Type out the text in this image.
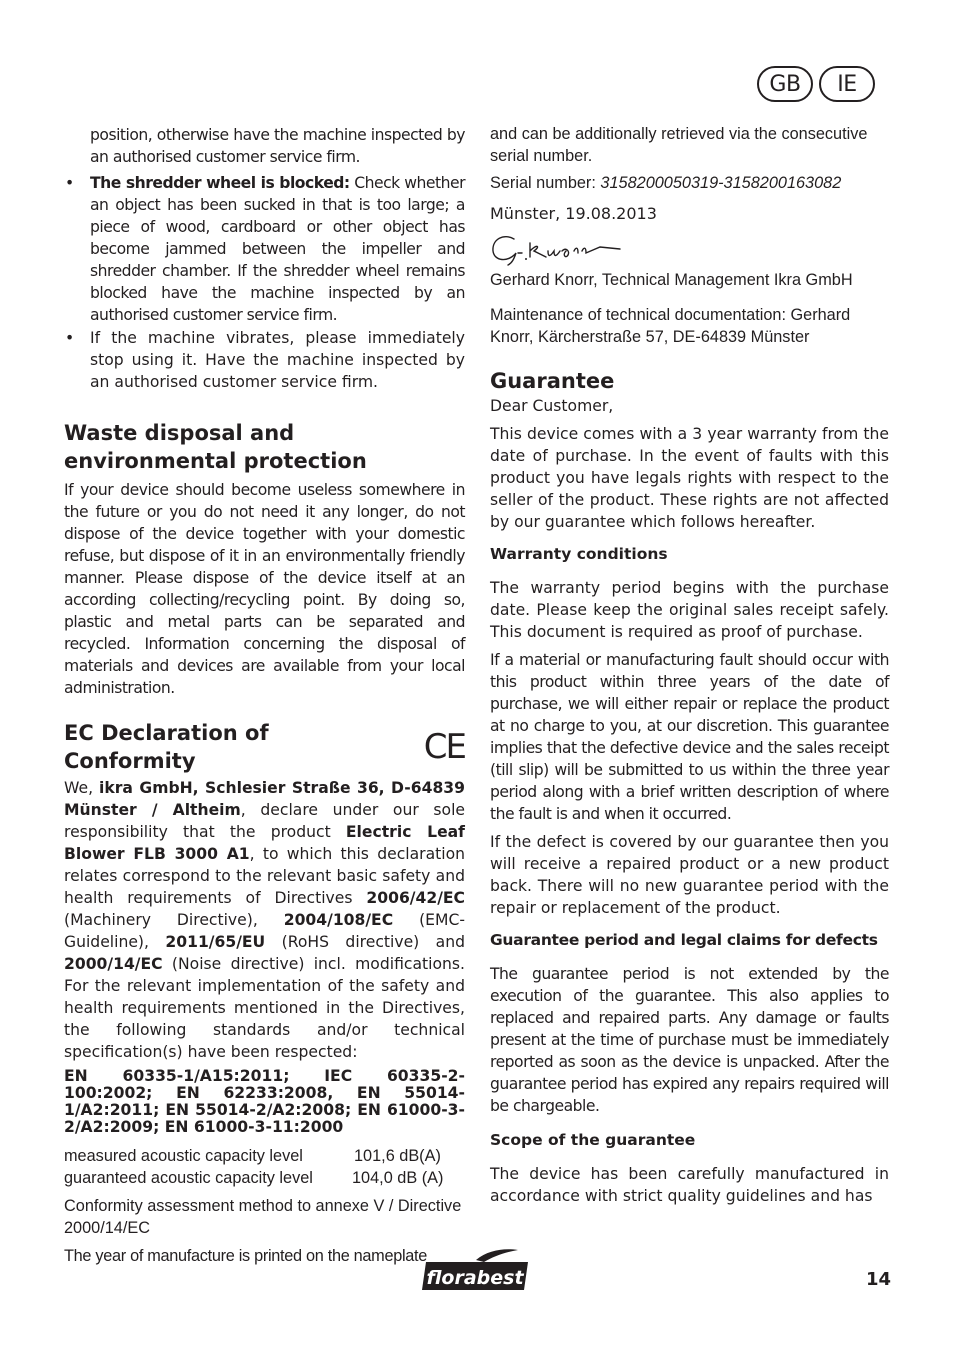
GB	IE

position, otherwise have the machine inspected by an authorised customer service firm.

• The shredder wheel is blocked: Check whether an object has been sucked in that is too large; a piece of wood, cardboard or other object has become jammed between the impeller and shredder chamber. If the shredder wheel remains blocked have the machine inspected by an authorised customer service firm.
• If the machine vibrates, please immediately stop using it. Have the machine inspected by an authorised customer service firm.
Waste disposal and environmental protection

If your device should become useless somewhere in the future or you do not need it any longer, do not dispose of the device together with your domestic refuse, but dispose of it in an environmentally friendly manner. Please dispose of the device itself at an according collecting/recycling point. By doing so, plastic and metal parts can be separated and recycled. Information concerning the disposal of materials and devices are available from your local administration.

EC Declaration of Conformity	CE

We, ikra GmbH, Schlesier Straße 36, D-64839 Münster / Altheim, declare under our sole responsibility that the product Electric Leaf Blower FLB 3000 A1, to which this declaration relates correspond to the relevant basic safety and health requirements of Directives 2006/42/EC (Machinery Directive), 2004/108/EC (EMC-Guideline), 2011/65/EU (RoHS directive) and 2000/14/EC (Noise directive) incl. modifications. For the relevant implementation of the safety and health requirements mentioned in the Directives, the following standards and/or technical specification(s) have been respected:

EN 60335-1/A15:2011; IEC 60335-2-100:2002; EN 62233:2008, EN 55014-1/A2:2011; EN 55014-2/A2:2008; EN 61000-3-2/A2:2009; EN 61000-3-11:2000

measured acoustic capacity level	101,6 dB(A)
guaranteed acoustic capacity level 104,0 dB (A)

Conformity assessment method to annexe V / Directive 2000/14/EC

The year of manufacture is printed on the nameplate

and can be additionally retrieved via the consecutive serial number.

Serial number: 3158200050319-3158200163082

Münster, 19.08.2013

Gerhard Knorr, Technical Management Ikra GmbH

Maintenance of technical documentation: Gerhard Knorr, Kärcherstraße 57, DE-64839 Münster

Guarantee

Dear Customer,

This device comes with a 3 year warranty from the date of purchase. In the event of faults with this product you have legals rights with respect to the seller of the product. These rights are not affected by our guarantee which follows hereafter.

Warranty conditions

The warranty period begins with the purchase date. Please keep the original sales receipt safely. This document is required as proof of purchase.

If a material or manufacturing fault should occur with this product within three years of the date of purchase, we will either repair or replace the product at no charge to you, at our discretion. This guarantee implies that the defective device and the sales receipt (till slip) will be submitted to us within the three year period along with a brief written description of where the fault is and when it occurred.

If the defect is covered by our guarantee then you will receive a repaired product or a new product back. There will no new guarantee period with the repair or replacement of the product.

Guarantee period and legal claims for defects

The guarantee period is not extended by the execution of the guarantee. This also applies to replaced and repaired parts. Any damage or faults present at the time of purchase must be immediately reported as soon as the device is unpacked. After the guarantee period has expired any repairs required will be chargeable.

Scope of the guarantee

The device has been carefully manufactured in accordance with strict quality guidelines and has

florabest	14
